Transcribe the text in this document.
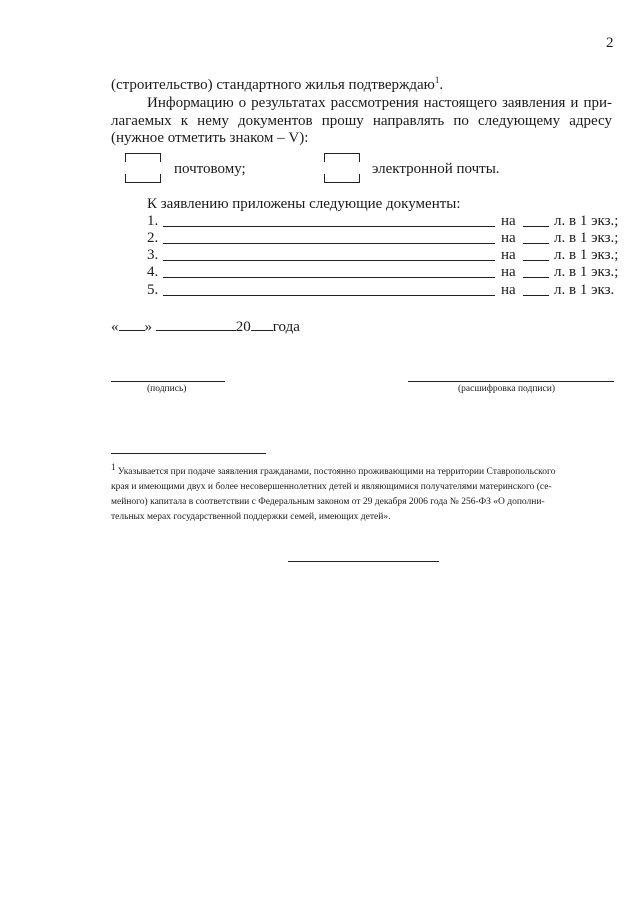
2
(строительство) стандартного жилья подтверждаю$^1$.
Информацию о результатах рассмотрения настоящего заявления и при-
лагаемых к нему документов прошу направлять по следующему адресу
(нужное отметить знаком – V):
почтовому;	электронной почты.
К заявлению приложены следующие документы:
1.	на	л. в 1 экз.;
2.	на	л. в 1 экз.;
3.	на	л. в 1 экз.;
4.	на	л. в 1 экз.;
5.	на	л. в 1 экз.
« »	20 года
(подпись)	(расшифровка подписи)
$^1$ Указывается при подаче заявления гражданами, постоянно проживающими на территории Ставропольского
края и имеющими двух и более несовершеннолетних детей и являющимися получателями материнского (се-
мейного) капитала в соответствии с Федеральным законом от 29 декабря 2006 года № 256-ФЗ «О дополни-
тельных мерах государственной поддержки семей, имеющих детей».
